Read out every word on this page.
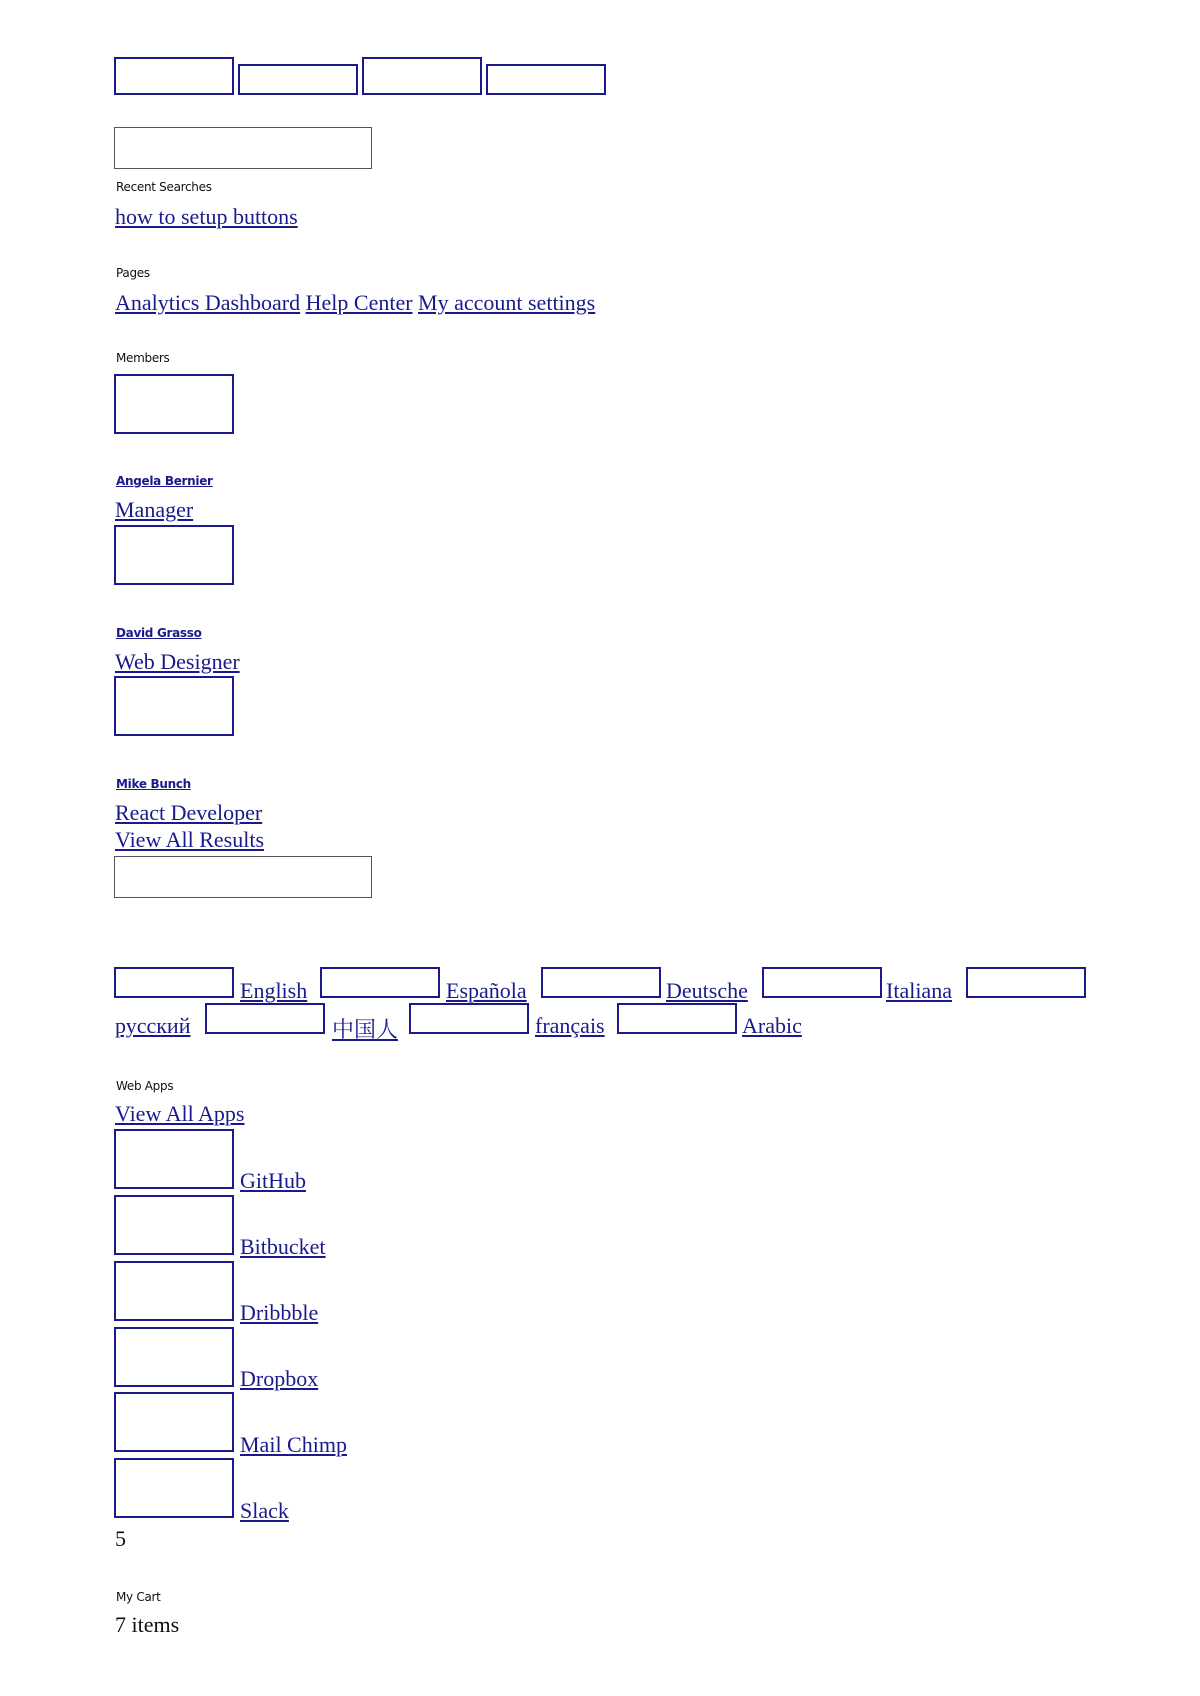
Recent Searches
how to setup buttons
Pages
Analytics Dashboard Help Center My account settings
Members
Angela Bernier
Manager
David Grasso
Web Designer
Mike Bunch
React Developer
View All Results
English	Española	Deutsche	Italiana
русский	中国人	français	Arabic
Web Apps
View All Apps
GitHub
Bitbucket
Dribbble
Dropbox
Mail Chimp
Slack
5
My Cart
7 items
